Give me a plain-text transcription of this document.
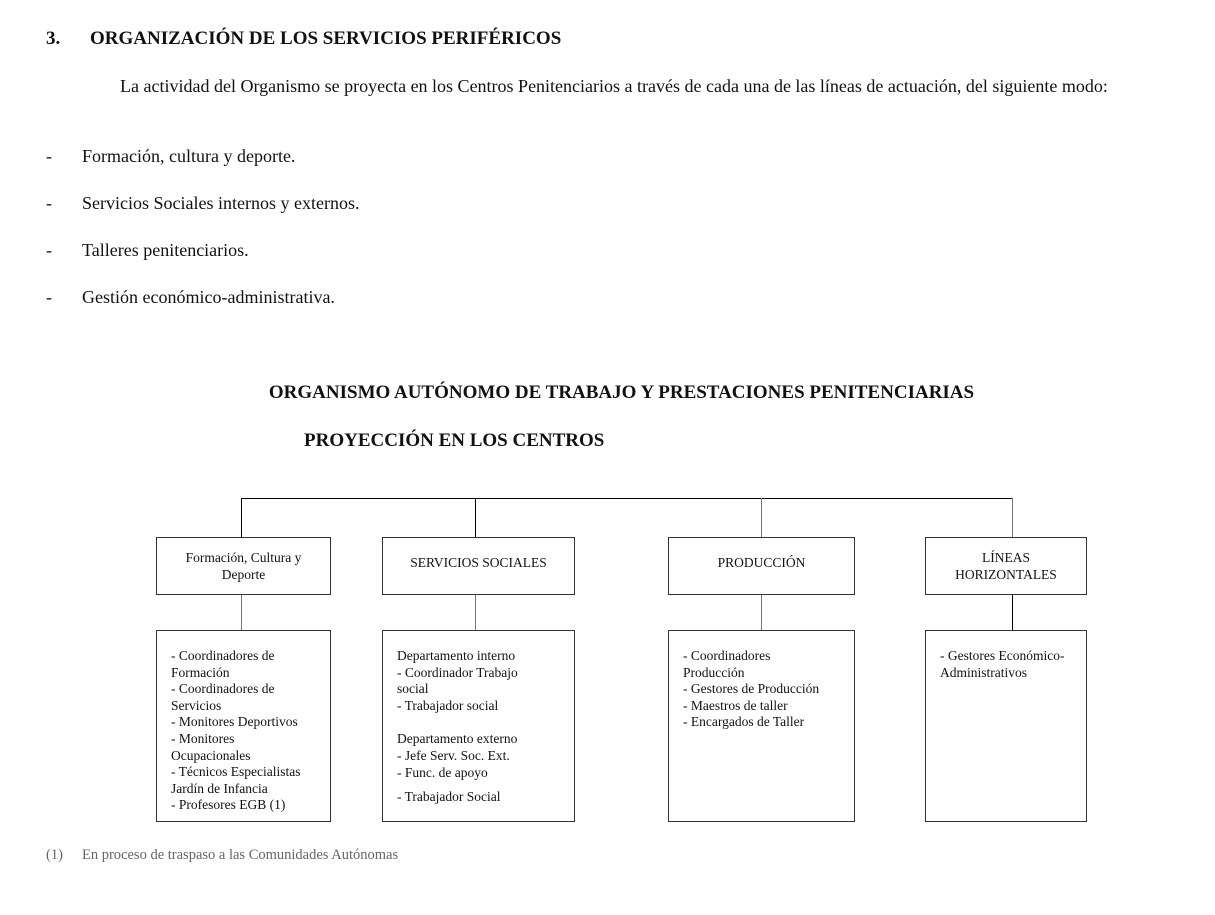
3. ORGANIZACIÓN DE LOS SERVICIOS PERIFÉRICOS
La actividad del Organismo se proyecta en los Centros Penitenciarios a través de cada una de las líneas de actuación, del siguiente modo:
- Formación, cultura y deporte.
- Servicios Sociales internos y externos.
- Talleres penitenciarios.
- Gestión económico-administrativa.
ORGANISMO AUTÓNOMO DE TRABAJO Y PRESTACIONES PENITENCIARIAS
PROYECCIÓN EN LOS CENTROS
Formación, Cultura y
Deporte
SERVICIOS SOCIALES	PRODUCCIÓN	LÍNEAS
HORIZONTALES
- Coordinadores de
Formación
- Coordinadores de
Servicios
- Monitores Deportivos
- Monitores
Ocupacionales
- Técnicos Especialistas
Jardín de Infancia
- Profesores EGB (1)
Departamento interno
- Coordinador Trabajo
social
- Trabajador social
Departamento externo
- Jefe Serv. Soc. Ext.
- Func. de apoyo
- Trabajador Social
- Coordinadores
Producción
- Gestores de Producción
- Maestros de taller
- Encargados de Taller
- Gestores Económico-
Administrativos
(1) En proceso de traspaso a las Comunidades Autónomas
